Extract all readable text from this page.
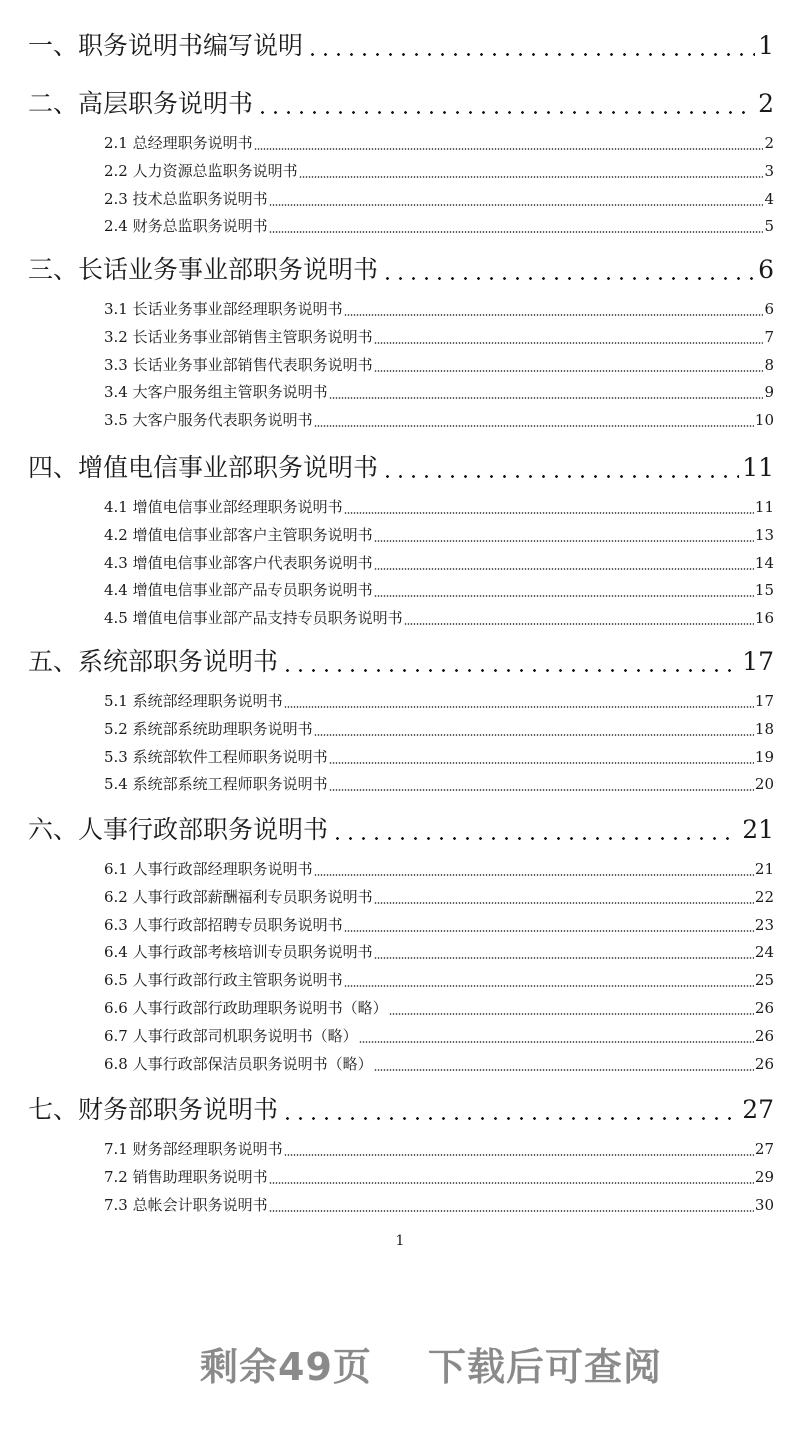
一、职务说明书编写说明	1
二、高层职务说明书	2
2.1 总经理职务说明书	2
2.2 人力资源总监职务说明书	3
2.3 技术总监职务说明书	4
2.4 财务总监职务说明书	5
三、长话业务事业部职务说明书	6
3.1 长话业务事业部经理职务说明书	6
3.2 长话业务事业部销售主管职务说明书	7
3.3 长话业务事业部销售代表职务说明书	8
3.4 大客户服务组主管职务说明书	9
3.5 大客户服务代表职务说明书	10
四、增值电信事业部职务说明书	11
4.1 增值电信事业部经理职务说明书	11
4.2 增值电信事业部客户主管职务说明书	13
4.3 增值电信事业部客户代表职务说明书	14
4.4 增值电信事业部产品专员职务说明书	15
4.5 增值电信事业部产品支持专员职务说明书	16
五、系统部职务说明书	17
5.1 系统部经理职务说明书	17
5.2 系统部系统助理职务说明书	18
5.3 系统部软件工程师职务说明书	19
5.4 系统部系统工程师职务说明书	20
六、人事行政部职务说明书	21
6.1 人事行政部经理职务说明书	21
6.2 人事行政部薪酬福利专员职务说明书	22
6.3 人事行政部招聘专员职务说明书	23
6.4 人事行政部考核培训专员职务说明书	24
6.5 人事行政部行政主管职务说明书	25
6.6 人事行政部行政助理职务说明书（略）	26
6.7 人事行政部司机职务说明书（略）	26
6.8 人事行政部保洁员职务说明书（略）	26
七、财务部职务说明书	27
7.1 财务部经理职务说明书	27
7.2 销售助理职务说明书	29
7.3 总帐会计职务说明书	30
1
剩余49页 下载后可查阅
